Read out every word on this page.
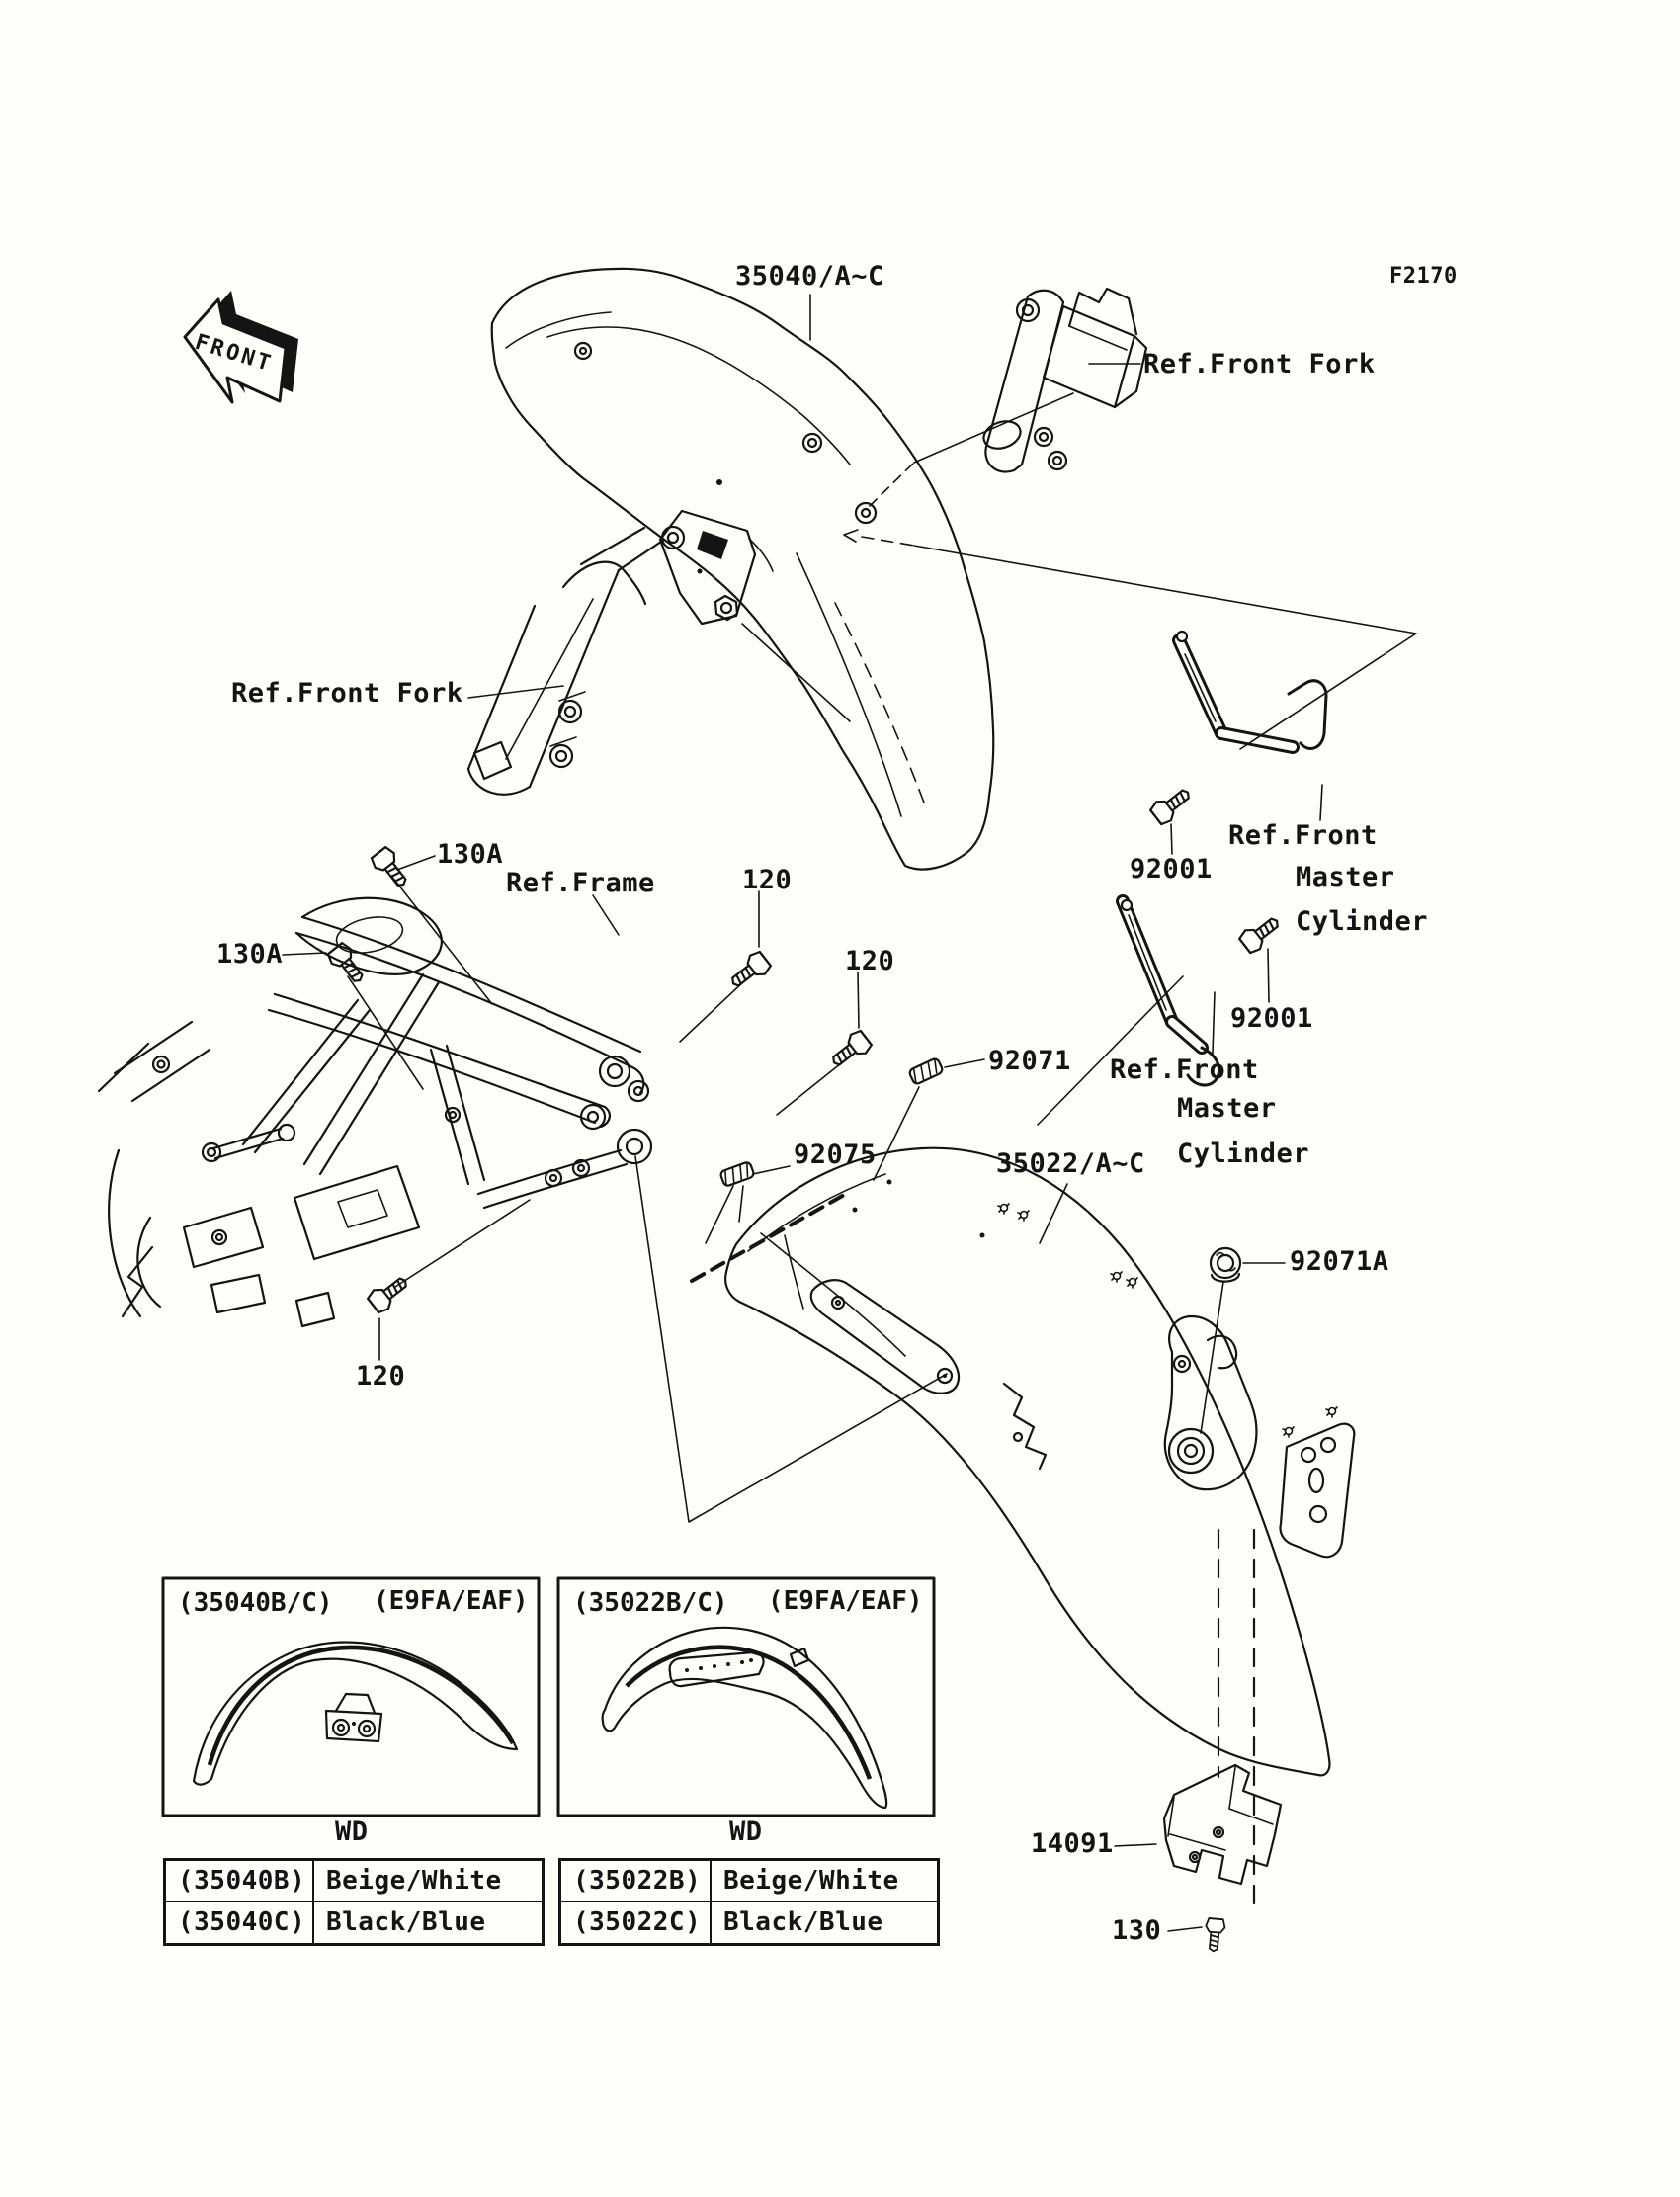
FRONT
35040/A~C	F2170
Ref.Front Fork
Ref.Front Fork
92001
Ref.Front
Master
Cylinder
92001
Ref.Front
Master
Cylinder
130A
130A
Ref.Frame	120
120
120
92071
92075	35022/A~C
92071A
14091
130
(35040B/C) (E9FA/EAF)
WD
(35022B/C) (E9FA/EAF)
WD
(35040B) Beige/White
(35040C) Black/Blue
(35022B) Beige/White
(35022C) Black/Blue
